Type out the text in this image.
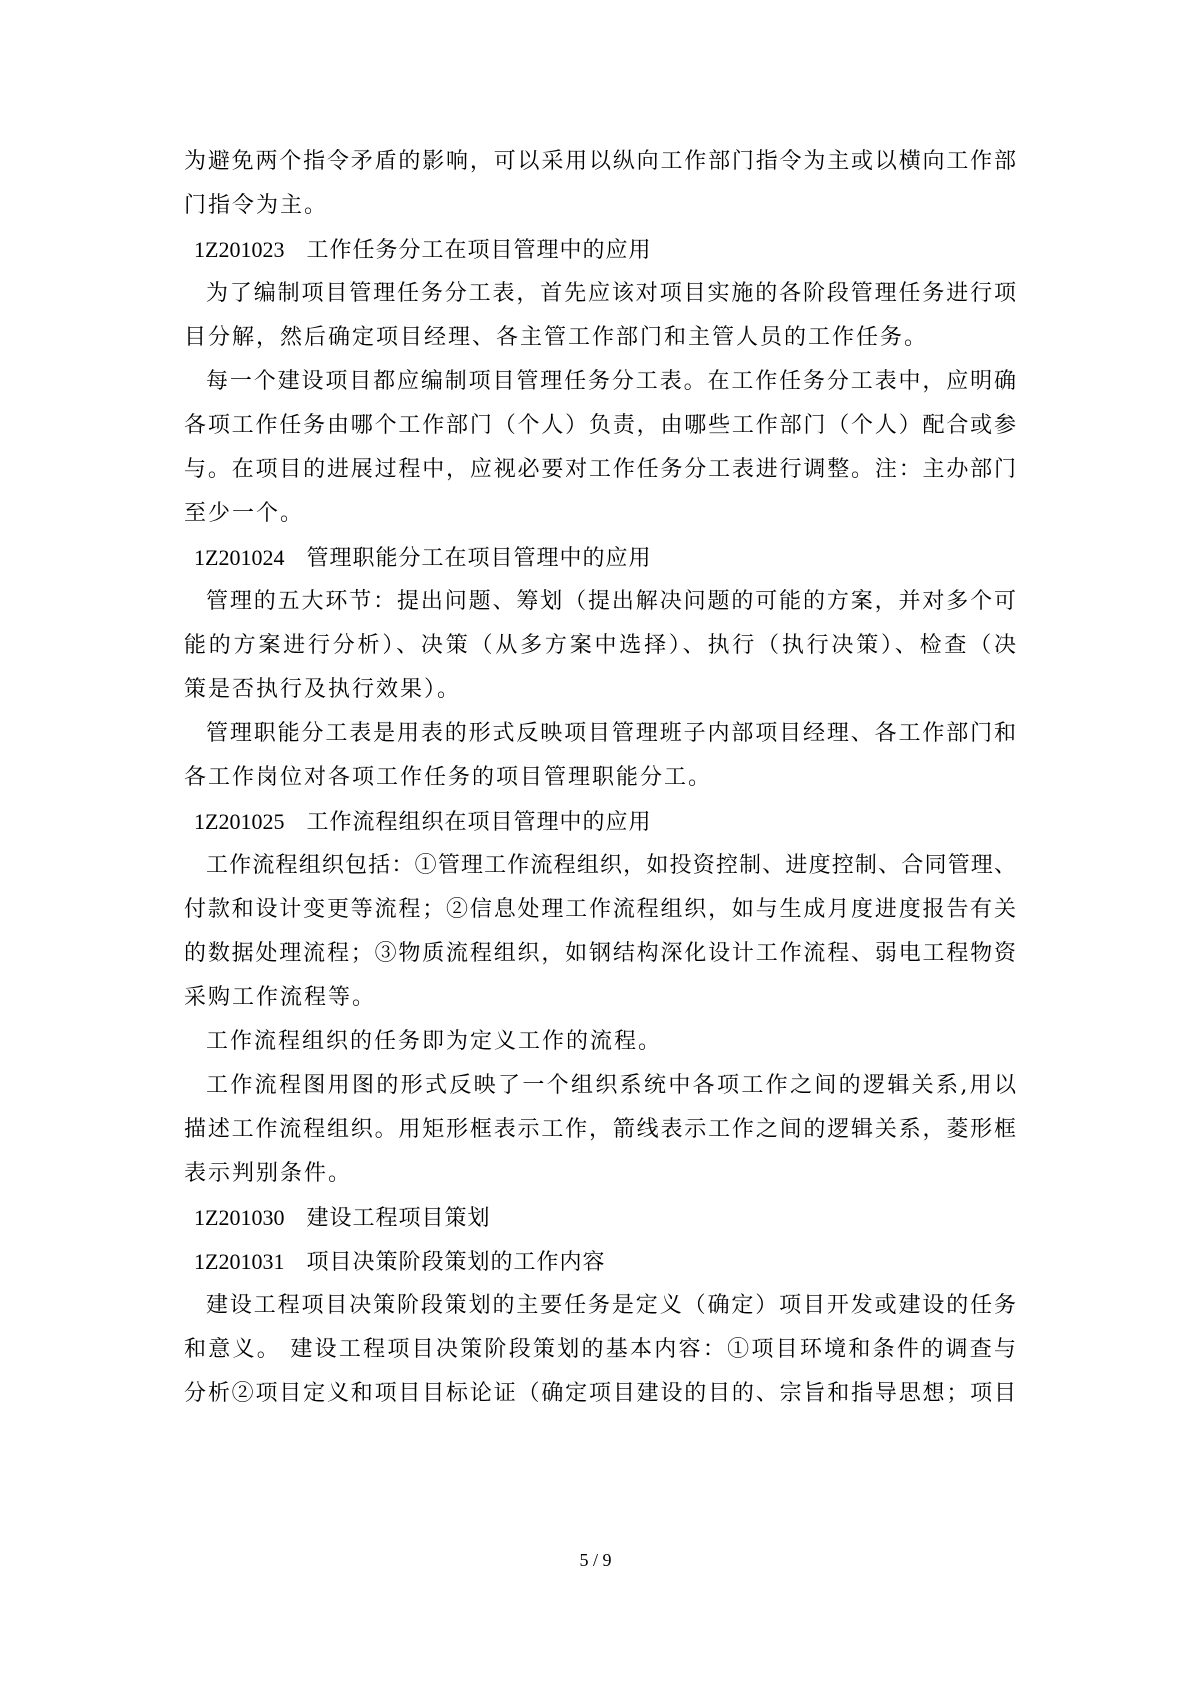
为避免两个指令矛盾的影响，可以采用以纵向工作部门指令为主或以横向工作部
门指令为主。
1Z201023 工作任务分工在项目管理中的应用
为了编制项目管理任务分工表，首先应该对项目实施的各阶段管理任务进行项
目分解，然后确定项目经理、各主管工作部门和主管人员的工作任务。
每一个建设项目都应编制项目管理任务分工表。在工作任务分工表中，应明确
各项工作任务由哪个工作部门（个人）负责，由哪些工作部门（个人）配合或参
与。在项目的进展过程中，应视必要对工作任务分工表进行调整。注：主办部门
至少一个。
1Z201024 管理职能分工在项目管理中的应用
管理的五大环节：提出问题、筹划（提出解决问题的可能的方案，并对多个可
能的方案进行分析）、决策（从多方案中选择）、执行（执行决策）、检查（决
策是否执行及执行效果）。
管理职能分工表是用表的形式反映项目管理班子内部项目经理、各工作部门和
各工作岗位对各项工作任务的项目管理职能分工。
1Z201025 工作流程组织在项目管理中的应用
工作流程组织包括：①管理工作流程组织，如投资控制、进度控制、合同管理、
付款和设计变更等流程；②信息处理工作流程组织，如与生成月度进度报告有关
的数据处理流程；③物质流程组织，如钢结构深化设计工作流程、弱电工程物资
采购工作流程等。
工作流程组织的任务即为定义工作的流程。
工作流程图用图的形式反映了一个组织系统中各项工作之间的逻辑关系,用以
描述工作流程组织。用矩形框表示工作，箭线表示工作之间的逻辑关系，菱形框
表示判别条件。
1Z201030 建设工程项目策划
1Z201031 项目决策阶段策划的工作内容
建设工程项目决策阶段策划的主要任务是定义（确定）项目开发或建设的任务
和意义。 建设工程项目决策阶段策划的基本内容：①项目环境和条件的调查与
分析②项目定义和项目目标论证（确定项目建设的目的、宗旨和指导思想；项目
5 / 9
